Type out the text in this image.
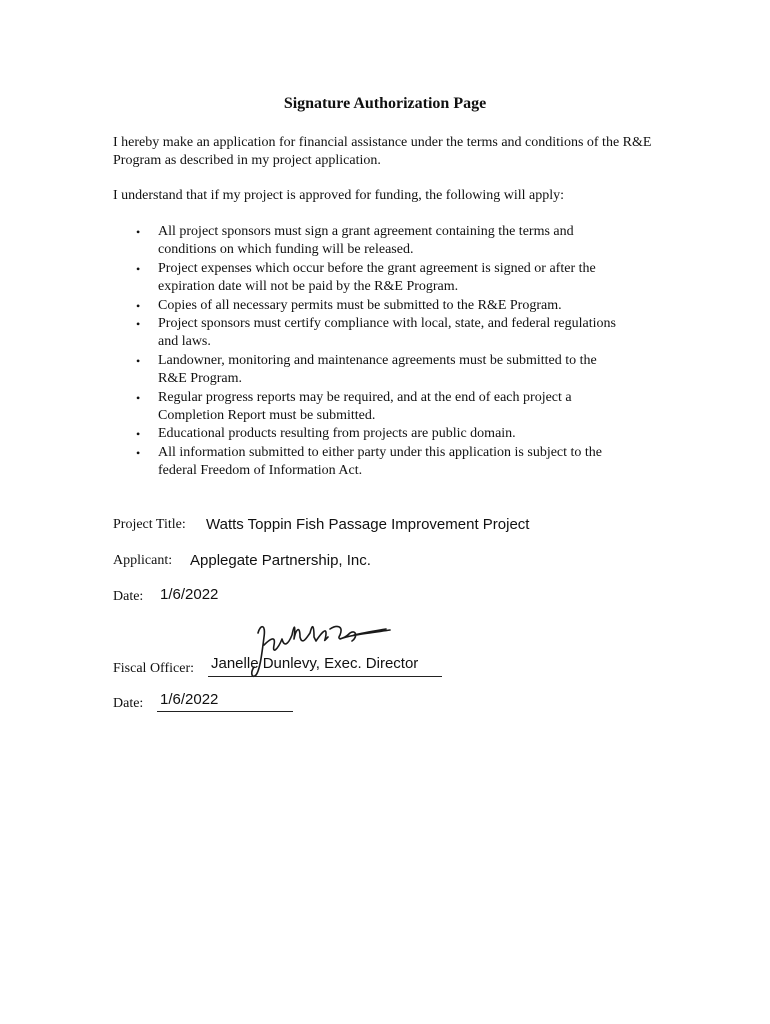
Signature Authorization Page
I hereby make an application for financial assistance under the terms and conditions of the R&E Program as described in my project application.
I understand that if my project is approved for funding, the following will apply:
• All project sponsors must sign a grant agreement containing the terms and
conditions on which funding will be released.
• Project expenses which occur before the grant agreement is signed or after the
expiration date will not be paid by the R&E Program.
• Copies of all necessary permits must be submitted to the R&E Program.
• Project sponsors must certify compliance with local, state, and federal regulations
and laws.
• Landowner, monitoring and maintenance agreements must be submitted to the
R&E Program.
• Regular progress reports may be required, and at the end of each project a
Completion Report must be submitted.
• Educational products resulting from projects are public domain.
• All information submitted to either party under this application is subject to the
federal Freedom of Information Act.
Project Title: Watts Toppin Fish Passage Improvement Project
Applicant: Applegate Partnership, Inc.
Date: 1/6/2022
Fiscal Officer: Janelle Dunlevy, Exec. Director
Date: 1/6/2022
